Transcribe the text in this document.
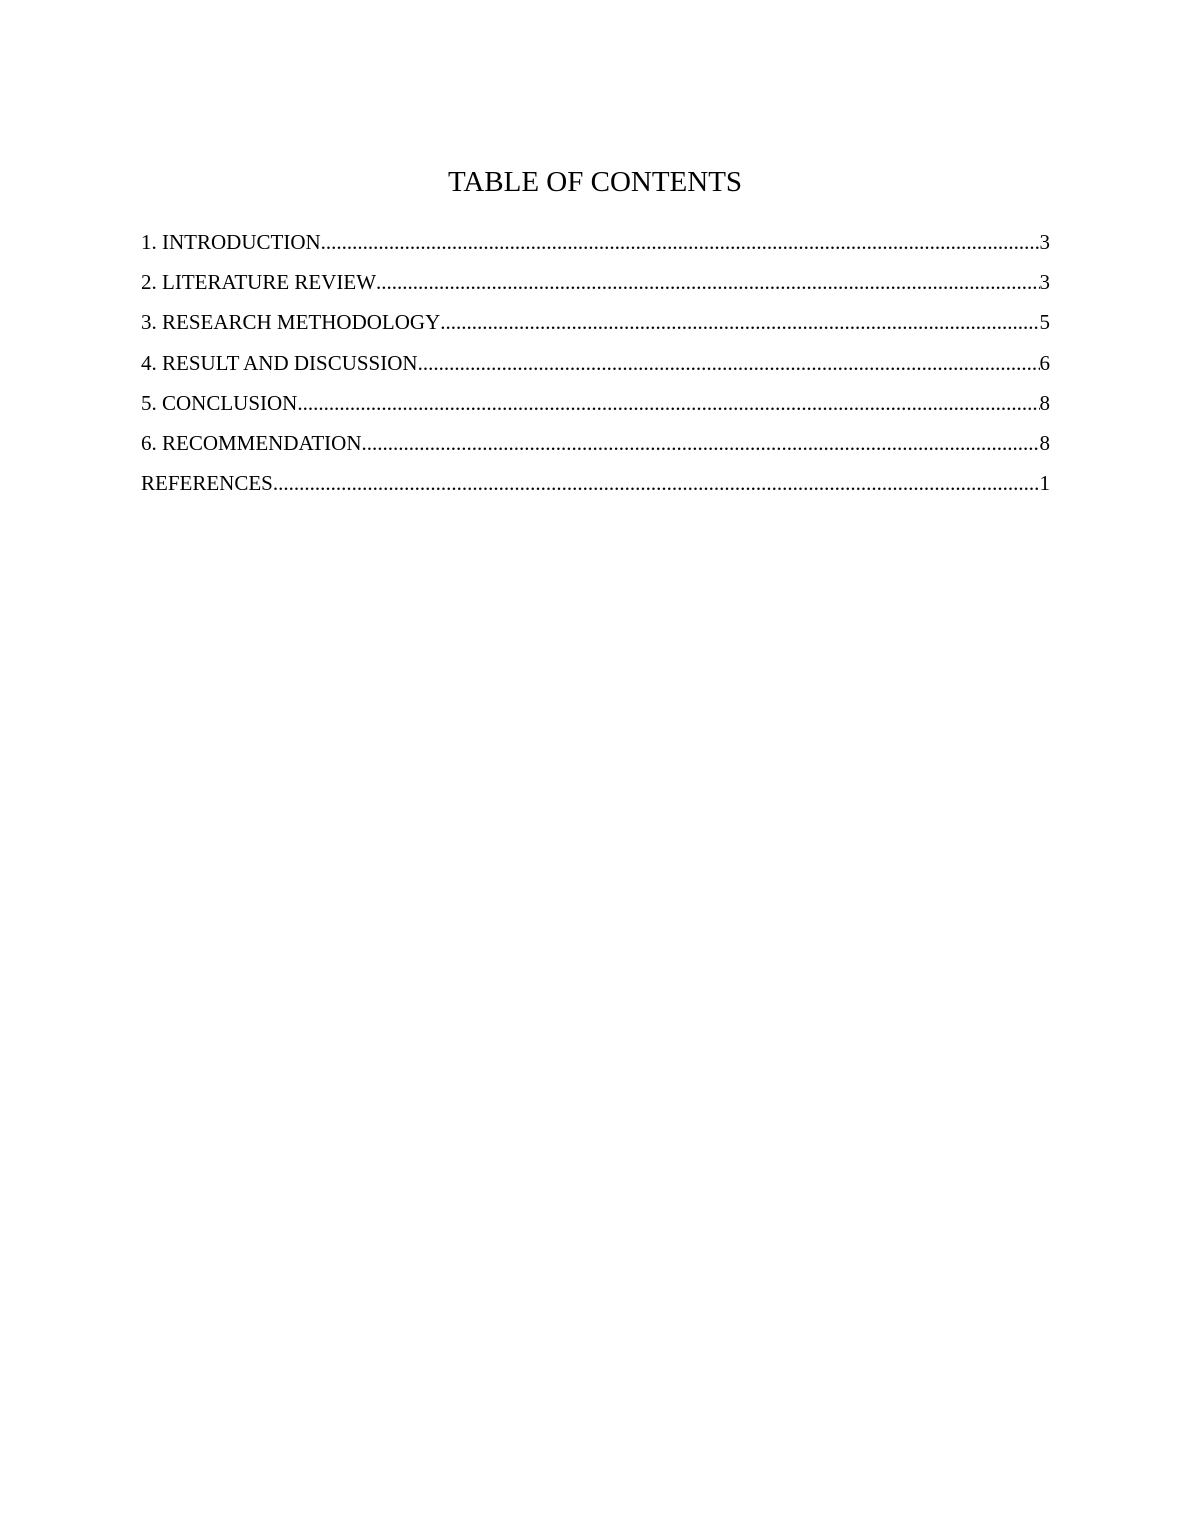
TABLE OF CONTENTS
1. INTRODUCTION .....	3
2. LITERATURE REVIEW .....	3
3. RESEARCH METHODOLOGY .....	5
4. RESULT AND DISCUSSION .....	6
5. CONCLUSION .....	8
6. RECOMMENDATION .....	8
REFERENCES .....	1
